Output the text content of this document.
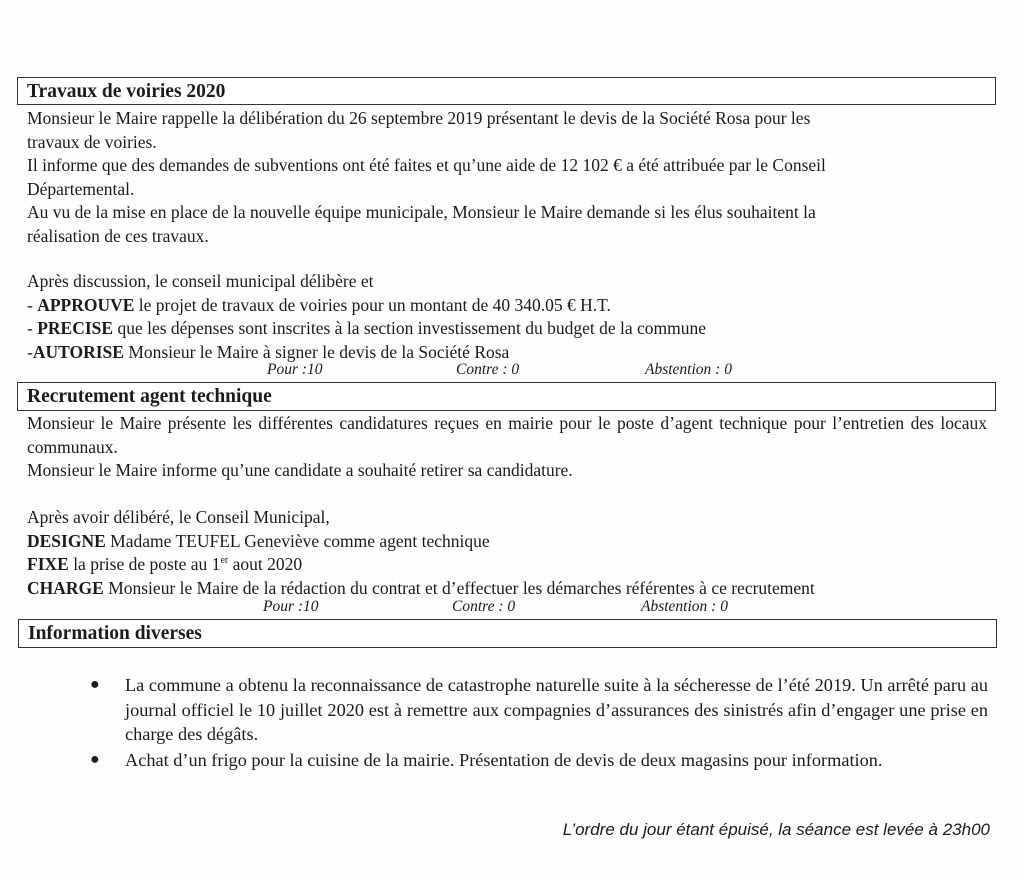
Travaux de voiries 2020
Monsieur le Maire rappelle la délibération du 26 septembre 2019 présentant le devis de la Société Rosa pour les
travaux de voiries.
Il informe que des demandes de subventions ont été faites et qu’une aide de 12 102 € a été attribuée par le Conseil
Départemental.
Au vu de la mise en place de la nouvelle équipe municipale, Monsieur le Maire demande si les élus souhaitent la
réalisation de ces travaux.
Après discussion, le conseil municipal délibère et
- APPROUVE le projet de travaux de voiries pour un montant de 40 340.05 € H.T.
- PRECISE que les dépenses sont inscrites à la section investissement du budget de la commune
-AUTORISE Monsieur le Maire à signer le devis de la Société Rosa
Pour :10	Contre : 0	Abstention : 0
Recrutement agent technique
Monsieur le Maire présente les différentes candidatures reçues en mairie pour le poste d’agent technique pour l’entretien des locaux communaux.
Monsieur le Maire informe qu’une candidate a souhaité retirer sa candidature.
Après avoir délibéré, le Conseil Municipal,
DESIGNE Madame TEUFEL Geneviève comme agent technique
FIXE la prise de poste au 1er aout 2020
CHARGE Monsieur le Maire de la rédaction du contrat et d’effectuer les démarches référentes à ce recrutement
Pour :10	Contre : 0	Abstention : 0
Information diverses
● La commune a obtenu la reconnaissance de catastrophe naturelle suite à la sécheresse de l’été 2019. Un arrêté paru au journal officiel le 10 juillet 2020 est à remettre aux compagnies d’assurances des sinistrés afin d’engager une prise en charge des dégâts.
● Achat d’un frigo pour la cuisine de la mairie. Présentation de devis de deux magasins pour information.
L’ordre du jour étant épuisé, la séance est levée à 23h00
